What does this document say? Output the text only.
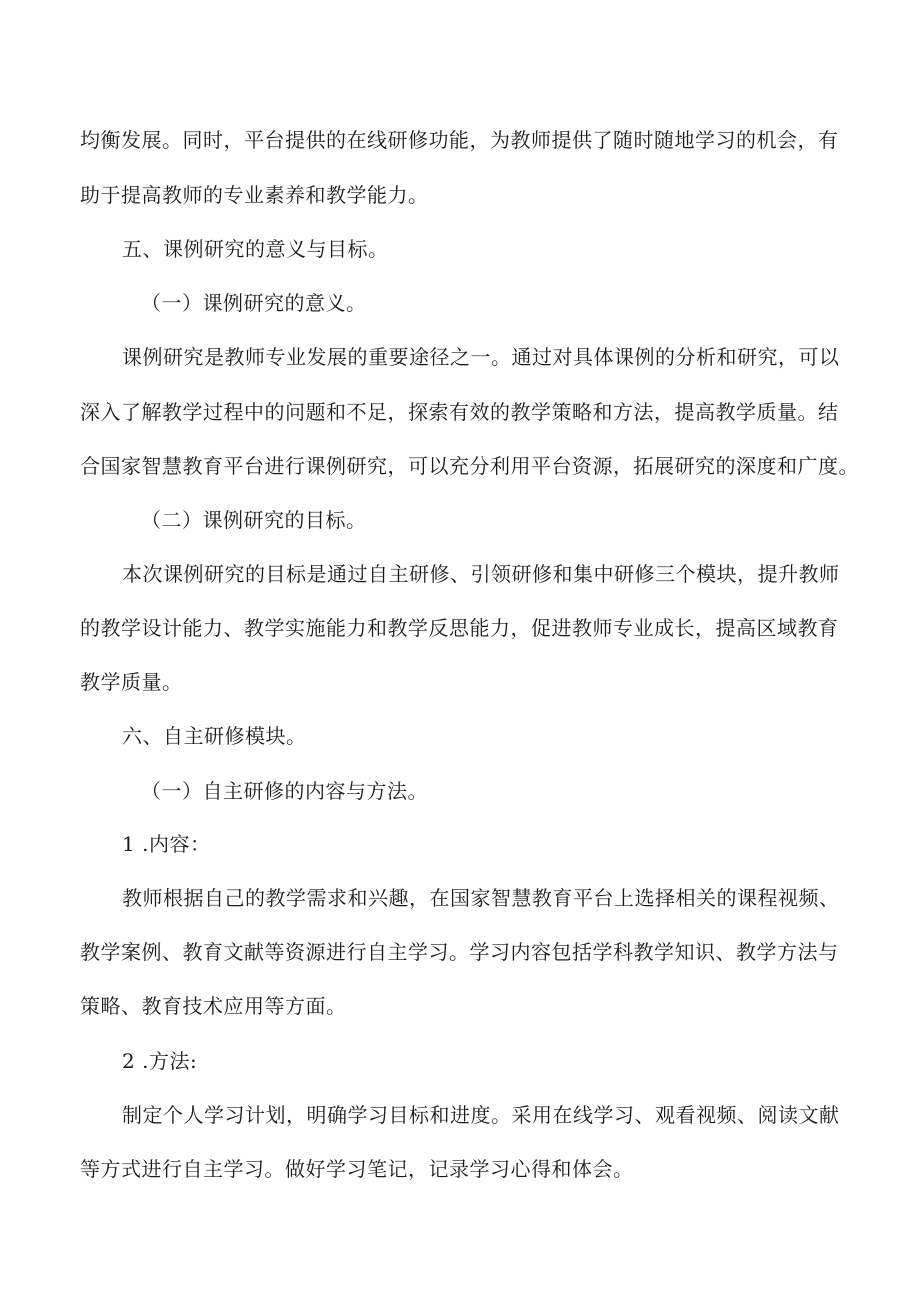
均衡发展。同时，平台提供的在线研修功能，为教师提供了随时随地学习的机会，有
助于提高教师的专业素养和教学能力。
五、课例研究的意义与目标。
（一）课例研究的意义。
课例研究是教师专业发展的重要途径之一。通过对具体课例的分析和研究，可以
深入了解教学过程中的问题和不足，探索有效的教学策略和方法，提高教学质量。结
合国家智慧教育平台进行课例研究，可以充分利用平台资源，拓展研究的深度和广度。
（二）课例研究的目标。
本次课例研究的目标是通过自主研修、引领研修和集中研修三个模块，提升教师
的教学设计能力、教学实施能力和教学反思能力，促进教师专业成长，提高区域教育
教学质量。
六、自主研修模块。
（一）自主研修的内容与方法。
1 .内容：
教师根据自己的教学需求和兴趣，在国家智慧教育平台上选择相关的课程视频、
教学案例、教育文献等资源进行自主学习。学习内容包括学科教学知识、教学方法与
策略、教育技术应用等方面。
2 .方法:
制定个人学习计划，明确学习目标和进度。采用在线学习、观看视频、阅读文献
等方式进行自主学习。做好学习笔记，记录学习心得和体会。
